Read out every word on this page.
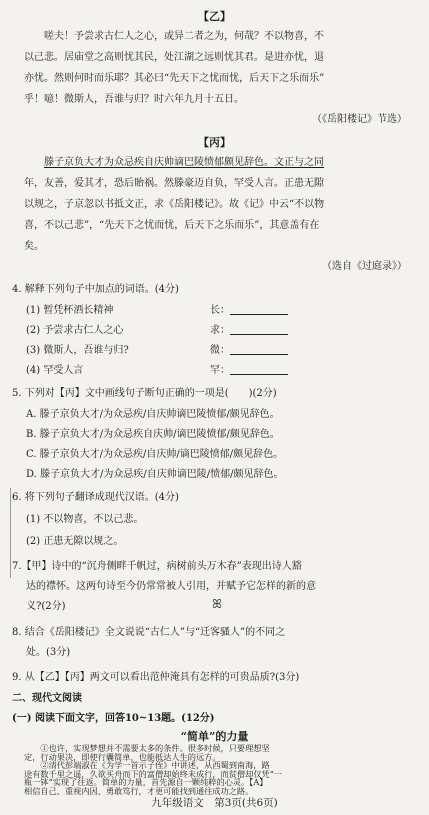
【乙】
嗟夫！予尝求古仁人之心，或异二者之为，何哉？不以物喜，不
以己悲。居庙堂之高则忧其民，处江湖之远则忧其君。是进亦忧，退
亦忧。然则何时而乐耶？其必曰“先天下之忧而忧，后天下之乐而乐”
乎！噫！微斯人，吾谁与归？时六年九月十五日。
（《岳阳楼记》节选）
【丙】
滕子京负大才为众忌疾自庆帅谪巴陵愤郁颇见辞色。文正与之同
年，友善，爱其才，恐后貽祸。然滕豪迈自负，罕受人言。正患无隙
以规之，子京忽以书抵文正，求《岳阳楼记》。故《记》中云“不以物
喜，不以己悲”，“先天下之忧而忧，后天下之乐而乐”，其意盖有在
矣。
（选自《过庭录》）
4. 解释下列句子中加点的词语。(4分)
(1) 暂凭杯酒长精神	长：
(2) 予尝求古仁人之心	求：
(3) 微斯人，吾谁与归?	微：
(4) 罕受人言	罕：
5. 下列对【丙】文中画线句子断句正确的一项是(　　)(2分)
A. 滕子京负大才/为众忌疾/自庆帅谪巴陵愤郁/颇见辞色。
B. 滕子京负大才/为众忌疾自庆帅/谪巴陵愤郁/颇见辞色。
C. 滕子京负大才/为众忌疾/自庆帅/谪巴陵愤郁/颇见辞色。
D. 滕子京负大才/为众忌疾/自庆帅谪巴陵/愤郁/颇见辞色。
6. 将下列句子翻译成现代汉语。(4分)
(1) 不以物喜，不以己悲。
(2) 正患无隙以规之。
7.【甲】诗中的“沉舟侧畔千帆过，病树前头万木春”表现出诗人豁
达的襟怀。这两句诗至今仍常常被人引用，并赋予它怎样的新的意
义?(2分)	ꕤ
8. 结合《岳阳楼记》全文说说“古仁人”与“迁客骚人”的不同之
处。(3分)
9. 从【乙】【丙】两文可以看出范仲淹具有怎样的可贵品质?(3分)
二、现代文阅读
(一) 阅读下面文字，回答10~13题。(12分)
“简单”的力量
①也许，实现梦想并不需要太多的条件。很多时候，只要理想坚
定，行动果决，即使行囊简单，也能抵达人生的远方。
②清代彭端淑在《为学一首示子侄》中讲述，从西蜀到南海，路
途有数千里之遥，久欲买舟而下的富僧却始终未成行，而贫僧却仅凭“一
瓶一钵”实现了往返。简单的力量，首先源自一颗纯粹的心灵。【A】
相信自己、重视内因、勇敢笃行，才更可能找到通往成功之路。
九年级语文　第3页(共6页)
